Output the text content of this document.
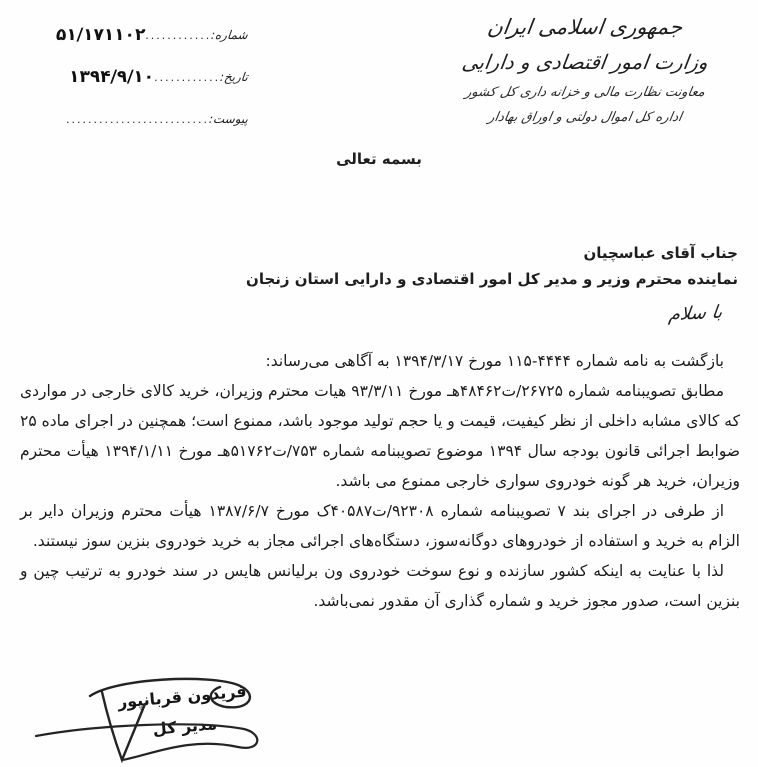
شماره:
............
۵۱/۱۷۱۱۰۲
تاریخ:
............
۱۳۹۴/۹/۱۰
پیوست:
..........................
جمهوری اسلامی ایران
وزارت امور اقتصادی و دارایی
معاونت نظارت مالی و خزانه داری کل کشور
اداره کل اموال دولتی و اوراق بهادار
بسمه تعالی
جناب آقای عباسچیان
نماینده محترم وزیر و مدیر کل امور اقتصادی و دارایی استان زنجان
با سلام

بازگشت به نامه شماره ۴۴۴۴-۱۱۵ مورخ ۱۳۹۴/۳/۱۷ به آگاهی می‌رساند:

مطابق تصویبنامه شماره ۲۶۷۲۵/ت۴۸۴۶۲هـ مورخ ۹۳/۳/۱۱ هیات محترم وزیران، خرید کالای خارجی در مواردی که کالای مشابه داخلی از نظر کیفیت، قیمت و یا حجم تولید موجود باشد، ممنوع است؛ همچنین در اجرای ماده ۲۵ ضوابط اجرائی قانون بودجه سال ۱۳۹۴ موضوع تصویبنامه شماره ۷۵۳/ت۵۱۷۶۲هـ مورخ ۱۳۹۴/۱/۱۱ هیأت محترم وزیران، خرید هر گونه خودروی سواری خارجی ممنوع می باشد.

از طرفی در اجرای بند ۷ تصویبنامه شماره ۹۲۳۰۸/ت۴۰۵۸۷ک مورخ ۱۳۸۷/۶/۷ هیأت محترم وزیران دایر بر الزام به خرید و استفاده از خودروهای دوگانه‌سوز، دستگاه‌های اجرائی مجاز به خرید خودروی بنزین سوز نیستند.

لذا با عنایت به اینکه کشور سازنده و نوع سوخت خودروی ون برلیانس هایس در سند خودرو به ترتیب چین و بنزین است، صدور مجوز خرید و شماره گذاری آن مقدور نمی‌باشد.

فریدون قربانپور
مدیر کل
